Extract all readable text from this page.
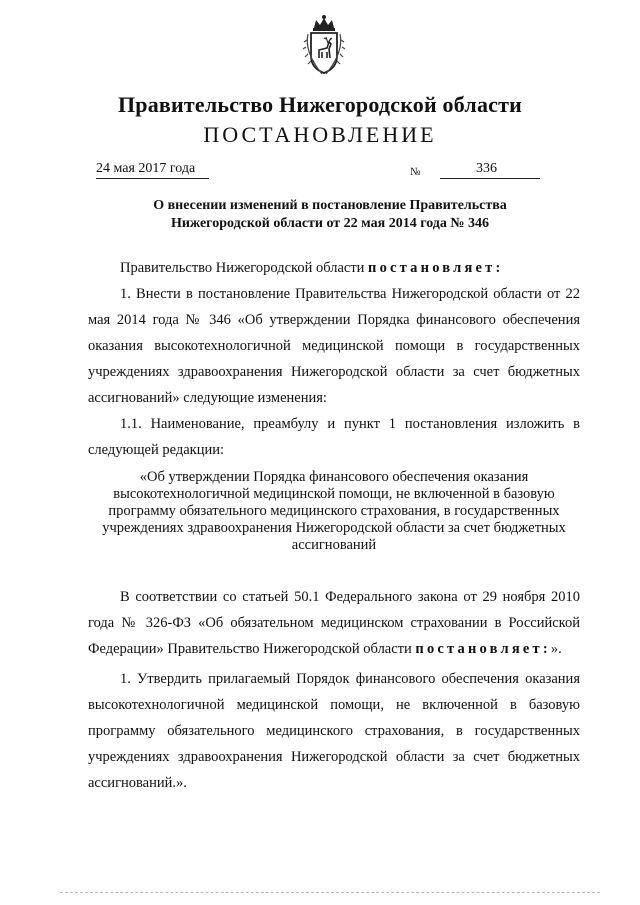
Правительство Нижегородской области
ПОСТАНОВЛЕНИЕ
24 мая 2017 года	№	336
О внесении изменений в постановление Правительства
Нижегородской области от 22 мая 2014 года № 346

Правительство Нижегородской области постановляет:

1. Внести в постановление Правительства Нижегородской области от 22 мая 2014 года № 346 «Об утверждении Порядка финансового обеспечения оказания высокотехнологичной медицинской помощи в государственных учреждениях здравоохранения Нижегородской области за счет бюджетных ассигнований» следующие изменения:

1.1. Наименование, преамбулу и пункт 1 постановления изложить в следующей редакции:

«Об утверждении Порядка финансового обеспечения оказания высокотехнологичной медицинской помощи, не включенной в базовую программу обязательного медицинского страхования, в государственных учреждениях здравоохранения Нижегородской области за счет бюджетных ассигнований

В соответствии со статьей 50.1 Федерального закона от 29 ноября 2010 года № 326-ФЗ «Об обязательном медицинском страховании в Российской Федерации» Правительство Нижегородской области постановляет:».

1. Утвердить прилагаемый Порядок финансового обеспечения оказания высокотехнологичной медицинской помощи, не включенной в базовую программу обязательного медицинского страхования, в государственных учреждениях здравоохранения Нижегородской области за счет бюджетных ассигнований.».
